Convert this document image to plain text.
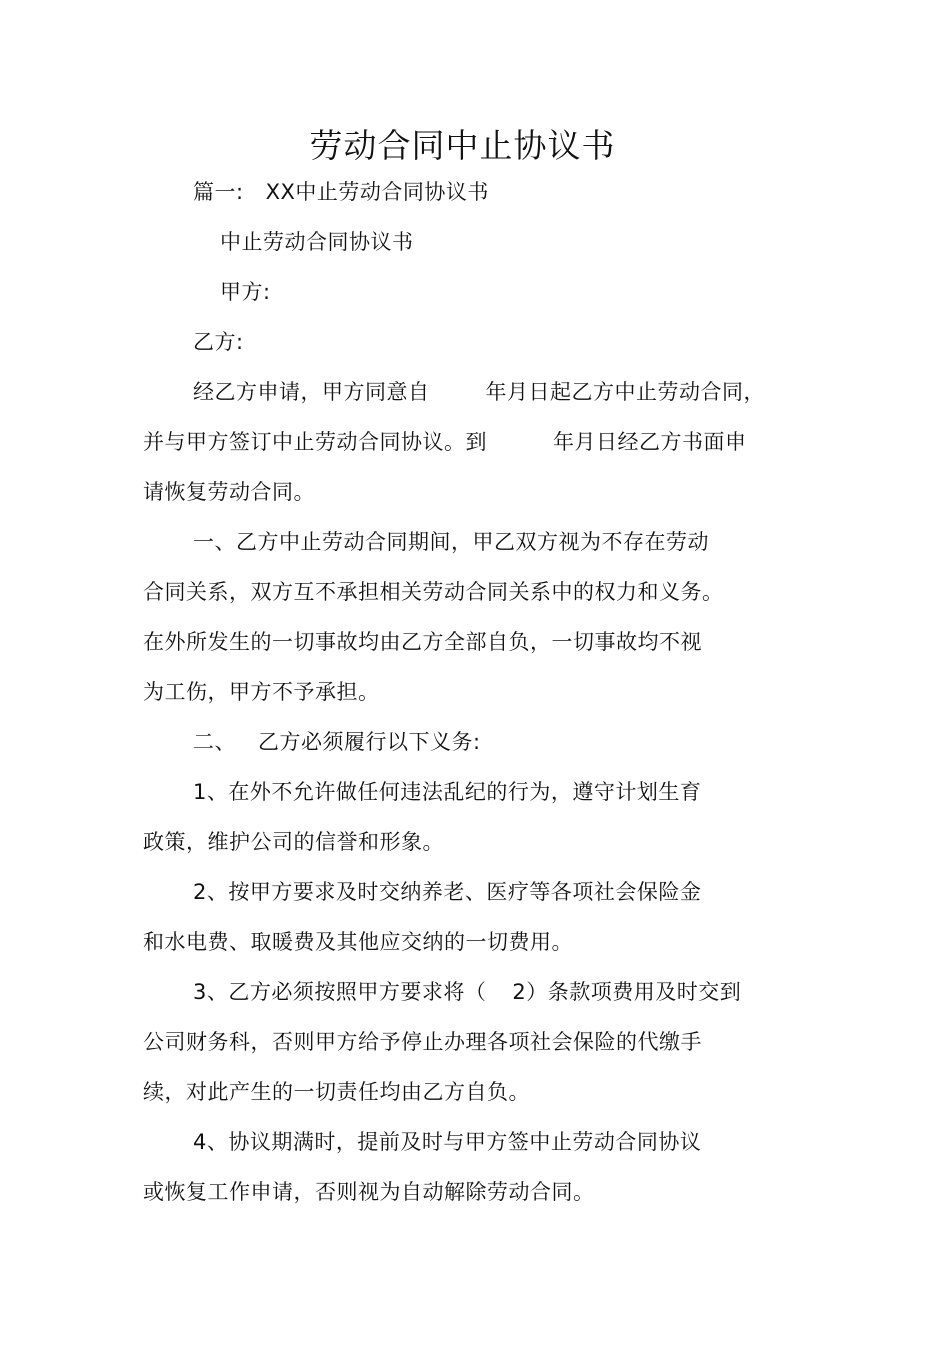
劳动合同中止协议书
篇一: XX中止劳动合同协议书
中止劳动合同协议书
甲方:
乙方:
经乙方申请，甲方同意自	年月日起乙方中止劳动合同，
并与甲方签订中止劳动合同协议。到	年月日经乙方书面申
请恢复劳动合同。
一、乙方中止劳动合同期间，甲乙双方视为不存在劳动
合同关系，双方互不承担相关劳动合同关系中的权力和义务。
在外所发生的一切事故均由乙方全部自负，一切事故均不视
为工伤，甲方不予承担。
二、 乙方必须履行以下义务:
1、在外不允许做任何违法乱纪的行为，遵守计划生育
政策，维护公司的信誉和形象。
2、按甲方要求及时交纳养老、医疗等各项社会保险金
和水电费、取暖费及其他应交纳的一切费用。
3、乙方必须按照甲方要求将（ 2）条款项费用及时交到
公司财务科，否则甲方给予停止办理各项社会保险的代缴手
续，对此产生的一切责任均由乙方自负。
4、协议期满时，提前及时与甲方签中止劳动合同协议
或恢复工作申请，否则视为自动解除劳动合同。
